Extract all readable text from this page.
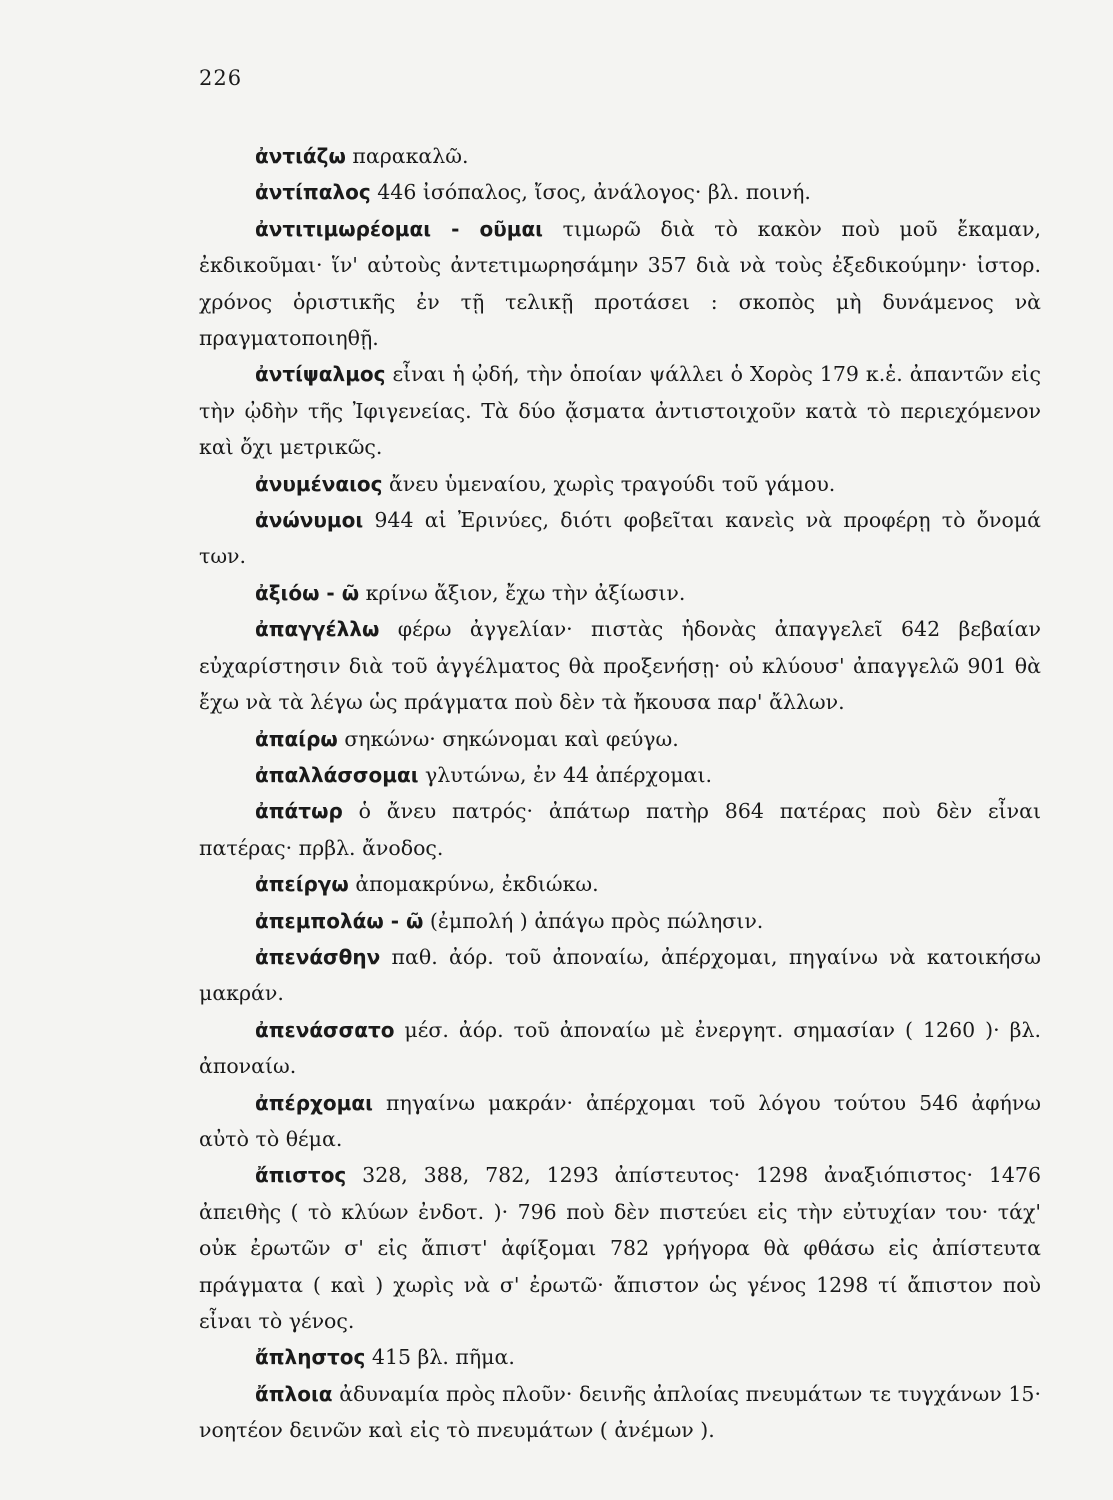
226

ἀντιάζω παρακαλῶ.

ἀντίπαλος 446 ἰσόπαλος, ἴσος, ἀνάλογος· βλ. ποινή.

ἀντιτιμωρέομαι - οῦμαι τιμωρῶ διὰ τὸ κακὸν ποὺ μοῦ ἔκαμαν, ἐκδικοῦμαι· ἵν' αὐτοὺς ἀντετιμωρησάμην 357 διὰ νὰ τοὺς ἐξεδικούμην· ἱστορ. χρόνος ὁριστικῆς ἐν τῇ τελικῇ προτάσει : σκοπὸς μὴ δυνάμενος νὰ πραγματοποιηθῇ.

ἀντίψαλμος εἶναι ἡ ᾠδή, τὴν ὁποίαν ψάλλει ὁ Χορὸς 179 κ.ἑ. ἀπαντῶν εἰς τὴν ᾠδὴν τῆς Ἰφιγενείας. Τὰ δύο ᾄσματα ἀντιστοιχοῦν κατὰ τὸ περιεχόμενον καὶ ὄχι μετρικῶς.

ἀνυμέναιος ἄνευ ὑμεναίου, χωρὶς τραγούδι τοῦ γάμου.

ἀνώνυμοι 944 αἱ Ἐρινύες, διότι φοβεῖται κανεὶς νὰ προφέρῃ τὸ ὄνομά των.

ἀξιόω - ῶ κρίνω ἄξιον, ἔχω τὴν ἀξίωσιν.

ἀπαγγέλλω φέρω ἀγγελίαν· πιστὰς ἡδονὰς ἀπαγγελεῖ 642 βεβαίαν εὐχαρίστησιν διὰ τοῦ ἀγγέλματος θὰ προξενήσῃ· οὐ κλύουσ' ἀπαγγελῶ 901 θὰ ἔχω νὰ τὰ λέγω ὡς πράγματα ποὺ δὲν τὰ ἤκουσα παρ' ἄλλων.

ἀπαίρω σηκώνω· σηκώνομαι καὶ φεύγω.

ἀπαλλάσσομαι γλυτώνω, ἐν 44 ἀπέρχομαι.

ἀπάτωρ ὁ ἄνευ πατρός· ἀπάτωρ πατὴρ 864 πατέρας ποὺ δὲν εἶναι πατέρας· πρβλ. ἄνοδος.

ἀπείργω ἀπομακρύνω, ἐκδιώκω.

ἀπεμπολάω - ῶ (ἐμπολή ) ἀπάγω πρὸς πώλησιν.

ἀπενάσθην παθ. ἀόρ. τοῦ ἀποναίω, ἀπέρχομαι, πηγαίνω νὰ κατοικήσω μακράν.

ἀπενάσσατο μέσ. ἀόρ. τοῦ ἀποναίω μὲ ἐνεργητ. σημασίαν ( 1260 )· βλ. ἀποναίω.

ἀπέρχομαι πηγαίνω μακράν· ἀπέρχομαι τοῦ λόγου τούτου 546 ἀφήνω αὐτὸ τὸ θέμα.

ἄπιστος 328, 388, 782, 1293 ἀπίστευτος· 1298 ἀναξιόπιστος· 1476 ἀπειθὴς ( τὸ κλύων ἐνδοτ. )· 796 ποὺ δὲν πιστεύει εἰς τὴν εὐτυχίαν του· τάχ' οὐκ ἐρωτῶν σ' εἰς ἄπιστ' ἀφίξομαι 782 γρήγορα θὰ φθάσω εἰς ἀπίστευτα πράγματα ( καὶ ) χωρὶς νὰ σ' ἐρωτῶ· ἄπιστον ὡς γένος 1298 τί ἄπιστον ποὺ εἶναι τὸ γένος.

ἄπληστος 415 βλ. πῆμα.

ἄπλοια ἀδυναμία πρὸς πλοῦν· δεινῆς ἀπλοίας πνευμάτων τε τυγχάνων 15· νοητέον δεινῶν καὶ εἰς τὸ πνευμάτων ( ἀνέμων ).
